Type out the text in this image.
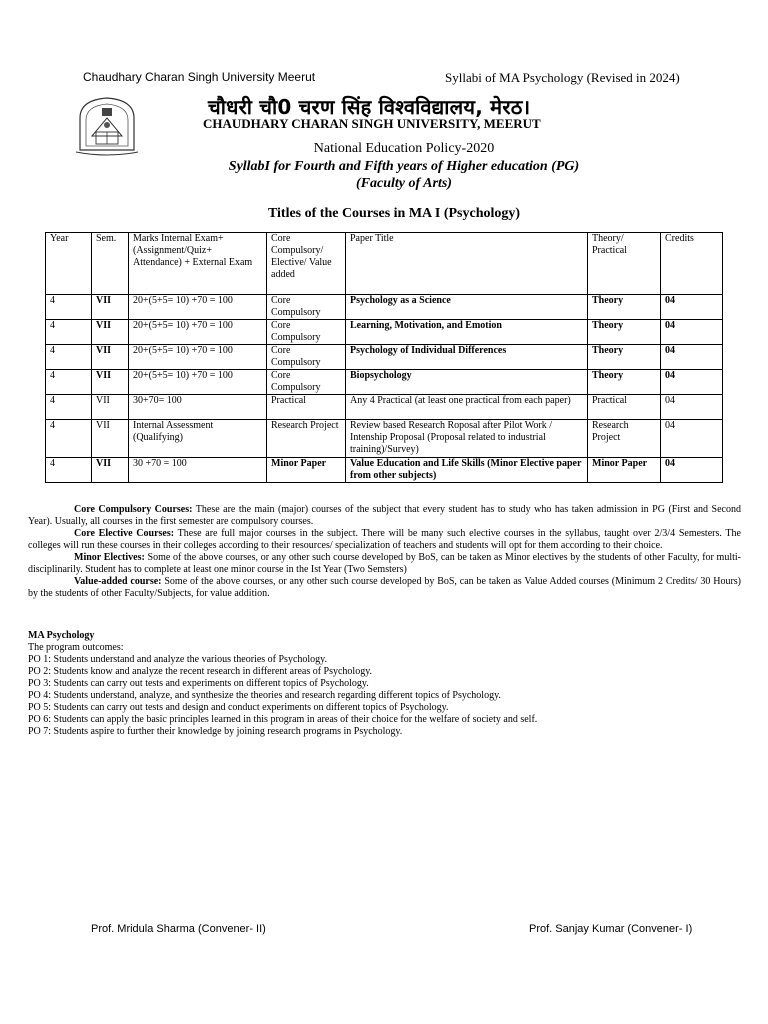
Chaudhary Charan Singh University Meerut	Syllabi of MA Psychology (Revised in 2024)
चौधरी चौ0 चरण सिंह विश्वविद्यालय, मेरठ।
CHAUDHARY CHARAN SINGH UNIVERSITY, MEERUT
National Education Policy-2020
SyllabI for Fourth and Fifth years of Higher education (PG)
(Faculty of Arts)
Titles of the Courses in MA I (Psychology)
Year	Sem.	Marks Internal Exam+ (Assignment/Quiz+ Attendance) + External Exam	Core Compulsory/ Elective/ Value added	Paper Title	Theory/ Practical	Credits
4	VII	20+(5+5= 10) +70 = 100	Core Compulsory	Psychology as a Science	Theory	04
4	VII	20+(5+5= 10) +70 = 100	Core Compulsory	Learning, Motivation, and Emotion	Theory	04
4	VII	20+(5+5= 10) +70 = 100	Core Compulsory	Psychology of Individual Differences	Theory	04
4	VII	20+(5+5= 10) +70 = 100	Core Compulsory	Biopsychology	Theory	04
4	VII	30+70= 100	Practical	Any 4 Practical (at least one practical from each paper)	Practical	04
4	VII	Internal Assessment (Qualifying)	Research Project	Review based Research Roposal after Pilot Work / Intenship Proposal (Proposal related to industrial training)/Survey)	Research Project	04
4	VII	30 +70 = 100	Minor Paper	Value Education and Life Skills (Minor Elective paper from other subjects)	Minor Paper	04

Core Compulsory Courses: These are the main (major) courses of the subject that every student has to study who has taken admission in PG (First and Second Year). Usually, all courses in the first semester are compulsory courses.

Core Elective Courses: These are full major courses in the subject. There will be many such elective courses in the syllabus, taught over 2/3/4 Semesters. The colleges will run these courses in their colleges according to their resources/ specialization of teachers and students will opt for them according to their choice.

Minor Electives: Some of the above courses, or any other such course developed by BoS, can be taken as Minor electives by the students of other Faculty, for multi-disciplinarily. Student has to complete at least one minor course in the Ist Year (Two Semsters)

Value-added course: Some of the above courses, or any other such course developed by BoS, can be taken as Value Added courses (Minimum 2 Credits/ 30 Hours) by the students of other Faculty/Subjects, for value addition.

MA Psychology
The program outcomes:
PO 1: Students understand and analyze the various theories of Psychology.
PO 2: Students know and analyze the recent research in different areas of Psychology.
PO 3: Students can carry out tests and experiments on different topics of Psychology.
PO 4: Students understand, analyze, and synthesize the theories and research regarding different topics of Psychology.
PO 5: Students can carry out tests and design and conduct experiments on different topics of Psychology.
PO 6: Students can apply the basic principles learned in this program in areas of their choice for the welfare of society and self.
PO 7: Students aspire to further their knowledge by joining research programs in Psychology.
Prof. Mridula Sharma (Convener- II)	Prof. Sanjay Kumar (Convener- I)
